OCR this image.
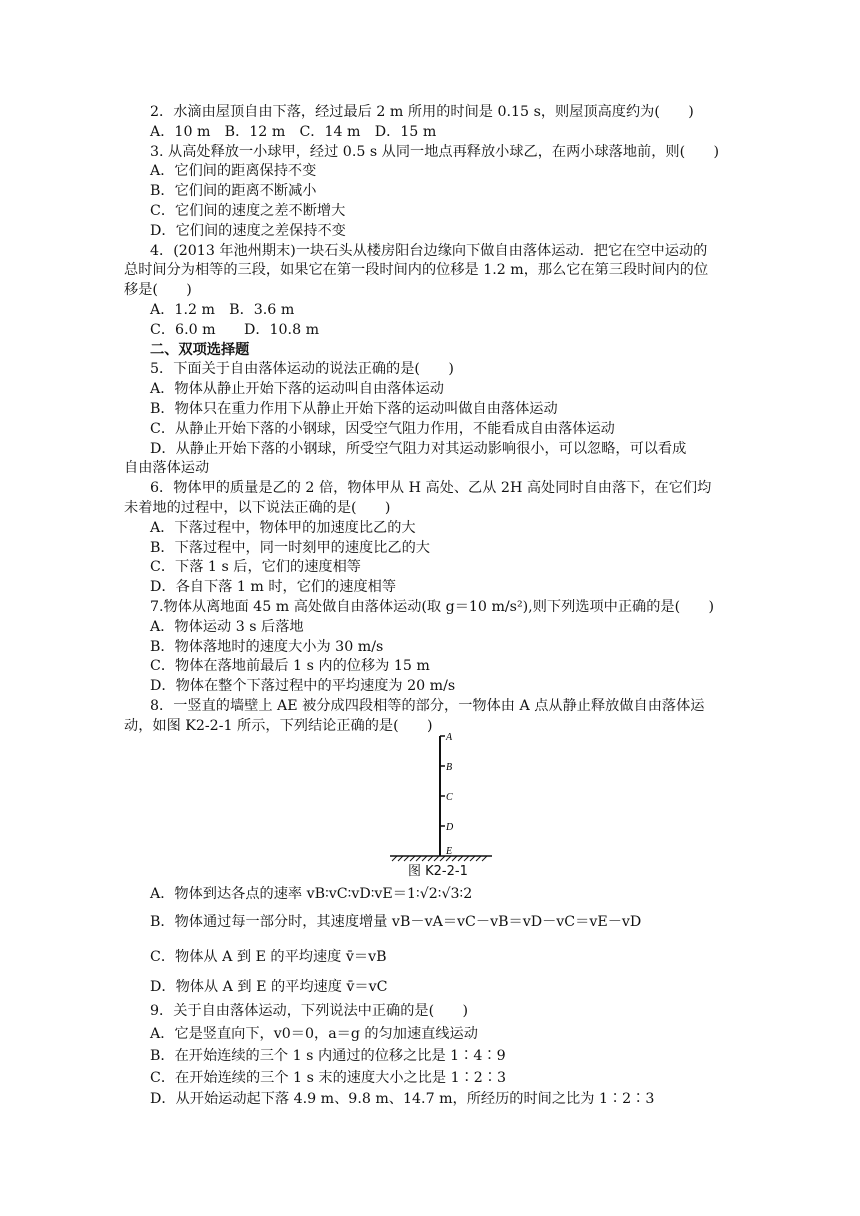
2．水滴由屋顶自由下落，经过最后 2 m 所用的时间是 0.15 s，则屋顶高度约为(　　)
A．10 m　B．12 m　C．14 m　D．15 m
3. 从高处释放一小球甲，经过 0.5 s 从同一地点再释放小球乙，在两小球落地前，则(　　)
A．它们间的距离保持不变
B．它们间的距离不断减小
C．它们间的速度之差不断增大
D．它们间的速度之差保持不变
4．(2013 年池州期末)一块石头从楼房阳台边缘向下做自由落体运动．把它在空中运动的
总时间分为相等的三段，如果它在第一段时间内的位移是 1.2 m，那么它在第三段时间内的位
移是(　　)
A．1.2 m　B．3.6 m
C．6.0 m　　D．10.8 m
二、双项选择题
5．下面关于自由落体运动的说法正确的是(　　)
A．物体从静止开始下落的运动叫自由落体运动
B．物体只在重力作用下从静止开始下落的运动叫做自由落体运动
C．从静止开始下落的小钢球，因受空气阻力作用，不能看成自由落体运动
D．从静止开始下落的小钢球，所受空气阻力对其运动影响很小，可以忽略，可以看成
自由落体运动
6．物体甲的质量是乙的 2 倍，物体甲从 H 高处、乙从 2H 高处同时自由落下，在它们均
未着地的过程中，以下说法正确的是(　　)
A．下落过程中，物体甲的加速度比乙的大
B．下落过程中，同一时刻甲的速度比乙的大
C．下落 1 s 后，它们的速度相等
D．各自下落 1 m 时，它们的速度相等
7.物体从离地面 45 m 高处做自由落体运动(取 g＝10 m/s²),则下列选项中正确的是(　　)
A．物体运动 3 s 后落地
B．物体落地时的速度大小为 30 m/s
C．物体在落地前最后 1 s 内的位移为 15 m
D．物体在整个下落过程中的平均速度为 20 m/s
8．一竖直的墙壁上 AE 被分成四段相等的部分，一物体由 A 点从静止释放做自由落体运
动，如图 K2-2-1 所示，下列结论正确的是(　　)
A．物体到达各点的速率 vB∶vC∶vD∶vE＝1∶√2∶√3∶2
B．物体通过每一部分时，其速度增量 vB－vA＝vC－vB＝vD－vC＝vE－vD
C．物体从 A 到 E 的平均速度 v̄＝vB
D．物体从 A 到 E 的平均速度 v̄＝vC
9．关于自由落体运动，下列说法中正确的是(　　)
A．它是竖直向下，v0＝0，a＝g 的匀加速直线运动
B．在开始连续的三个 1 s 内通过的位移之比是 1∶4∶9
C．在开始连续的三个 1 s 末的速度大小之比是 1∶2∶3
D．从开始运动起下落 4.9 m、9.8 m、14.7 m，所经历的时间之比为 1∶2∶3
A
B
C
D
E
图 K2-2-1
